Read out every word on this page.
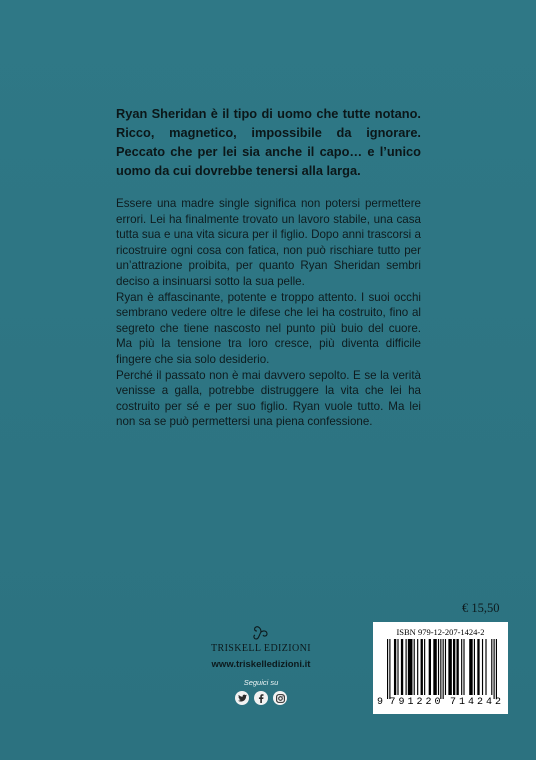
Ryan Sheridan è il tipo di uomo che tutte notano. Ricco, magnetico, impossibile da ignorare. Peccato che per lei sia anche il capo… e l’unico uomo da cui dovrebbe tenersi alla larga.

Essere una madre single significa non potersi permettere errori. Lei ha finalmente trovato un lavoro stabile, una casa tutta sua e una vita sicura per il figlio. Dopo anni trascorsi a ricostruire ogni cosa con fatica, non può rischiare tutto per un’attrazione proibita, per quanto Ryan Sheridan sembri deciso a insinuarsi sotto la sua pelle.

Ryan è affascinante, potente e troppo attento. I suoi occhi sembrano vedere oltre le difese che lei ha costruito, fino al segreto che tiene nascosto nel punto più buio del cuore. Ma più la tensione tra loro cresce, più diventa difficile fingere che sia solo desiderio.

Perché il passato non è mai davvero sepolto. E se la verità venisse a galla, potrebbe distruggere la vita che lei ha costruito per sé e per suo figlio. Ryan vuole tutto. Ma lei non sa se può permettersi una piena confessione.

€ 15,50
TRISKELL EDIZIONI
www.triskelledizioni.it
Seguici su
ISBN 979-12-207-1424-2
9 791220 714242
